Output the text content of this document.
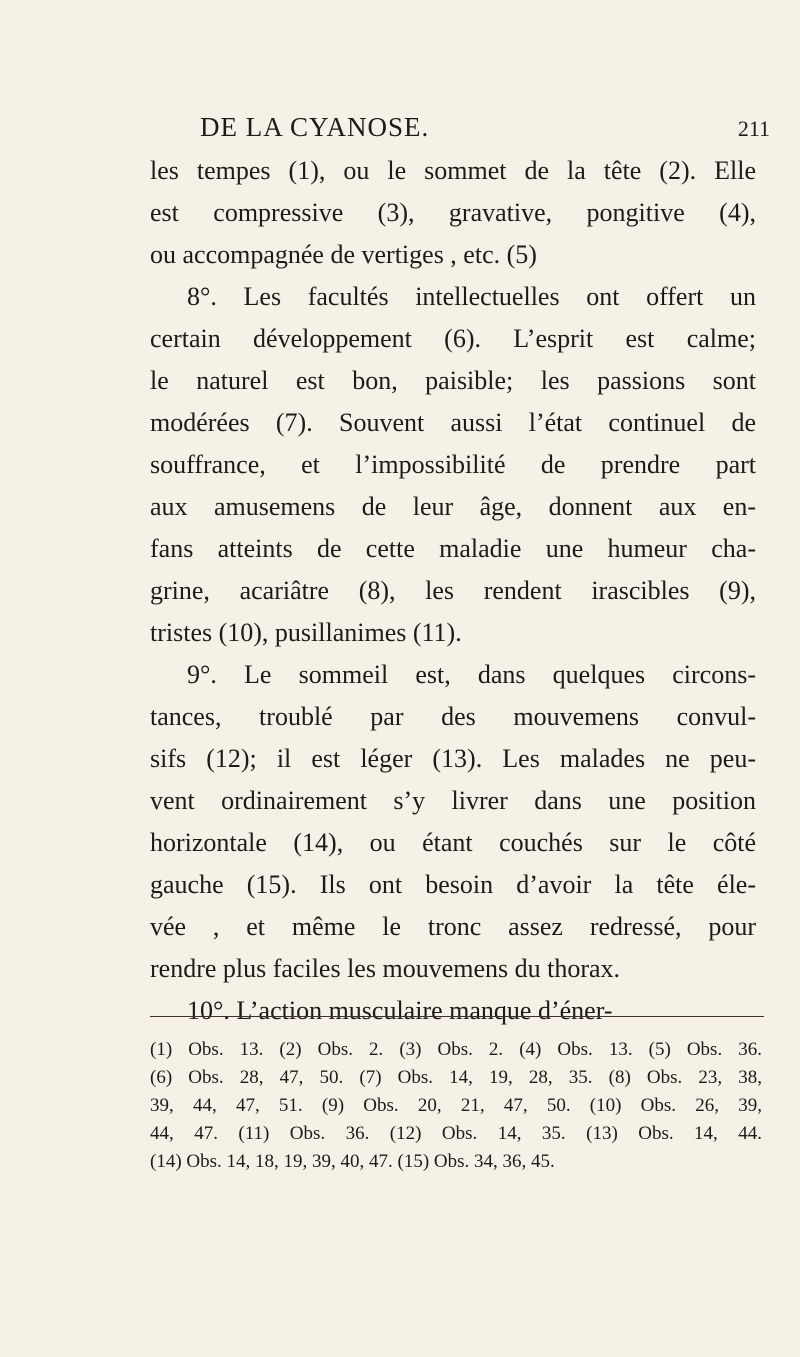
DE LA CYANOSE.	211
les tempes (1), ou le sommet de la tête (2). Elle
est compressive (3), gravative, pongitive (4),
ou accompagnée de vertiges , etc. (5)
8°. Les facultés intellectuelles ont offert un
certain développement (6). L’esprit est calme;
le naturel est bon, paisible; les passions sont
modérées (7). Souvent aussi l’état continuel de
souffrance, et l’impossibilité de prendre part
aux amusemens de leur âge, donnent aux en-
fans atteints de cette maladie une humeur cha-
grine, acariâtre (8), les rendent irascibles (9),
tristes (10), pusillanimes (11).
9°. Le sommeil est, dans quelques circons-
tances, troublé par des mouvemens convul-
sifs (12); il est léger (13). Les malades ne peu-
vent ordinairement s’y livrer dans une position
horizontale (14), ou étant couchés sur le côté
gauche (15). Ils ont besoin d’avoir la tête éle-
vée , et même le tronc assez redressé, pour
rendre plus faciles les mouvemens du thorax.
10°. L’action musculaire manque d’éner-
(1) Obs. 13. (2) Obs. 2. (3) Obs. 2. (4) Obs. 13. (5) Obs. 36.
(6) Obs. 28, 47, 50. (7) Obs. 14, 19, 28, 35. (8) Obs. 23, 38,
39, 44, 47, 51. (9) Obs. 20, 21, 47, 50. (10) Obs. 26, 39,
44, 47. (11) Obs. 36. (12) Obs. 14, 35. (13) Obs. 14, 44.
(14) Obs. 14, 18, 19, 39, 40, 47. (15) Obs. 34, 36, 45.
